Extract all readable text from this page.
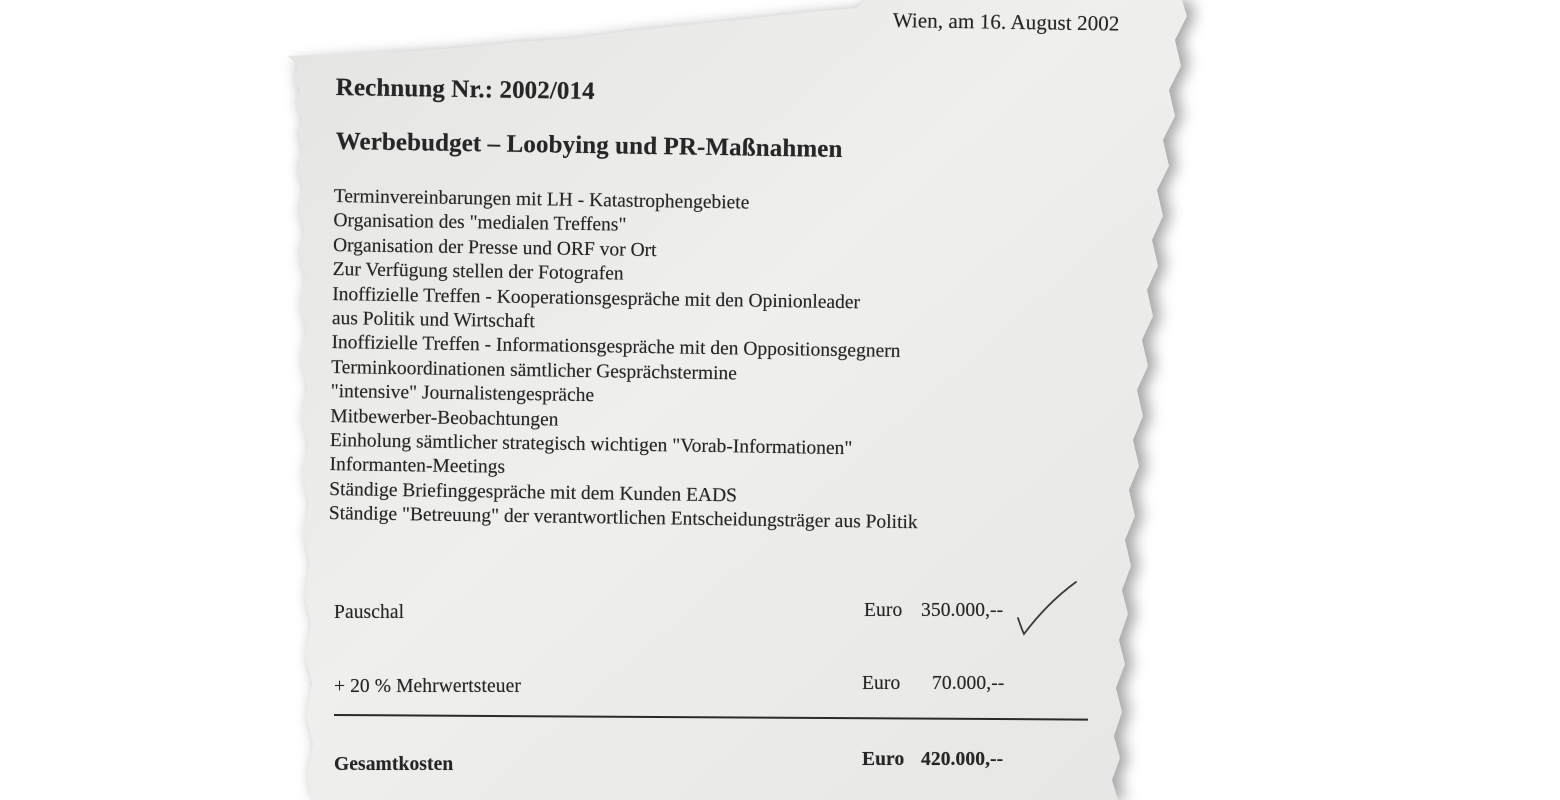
Wien, am 16. August 2002
Rechnung Nr.: 2002/014
Werbebudget – Loobying und PR-Maßnahmen
Terminvereinbarungen mit LH - Katastrophengebiete
Organisation des "medialen Treffens"
Organisation der Presse und ORF vor Ort
Zur Verfügung stellen der Fotografen
Inoffizielle Treffen - Kooperationsgespräche mit den Opinionleader
aus Politik und Wirtschaft
Inoffizielle Treffen - Informationsgespräche mit den Oppositionsgegnern
Terminkoordinationen sämtlicher Gesprächstermine
"intensive" Journalistengespräche
Mitbewerber-Beobachtungen
Einholung sämtlicher strategisch wichtigen "Vorab-Informationen"
Informanten-Meetings
Ständige Briefinggespräche mit dem Kunden EADS
Ständige "Betreuung" der verantwortlichen Entscheidungsträger aus Politik
Pauschal	Euro 350.000,--
+ 20 % Mehrwertsteuer	Euro 70.000,--
Gesamtkosten	Euro 420.000,--
